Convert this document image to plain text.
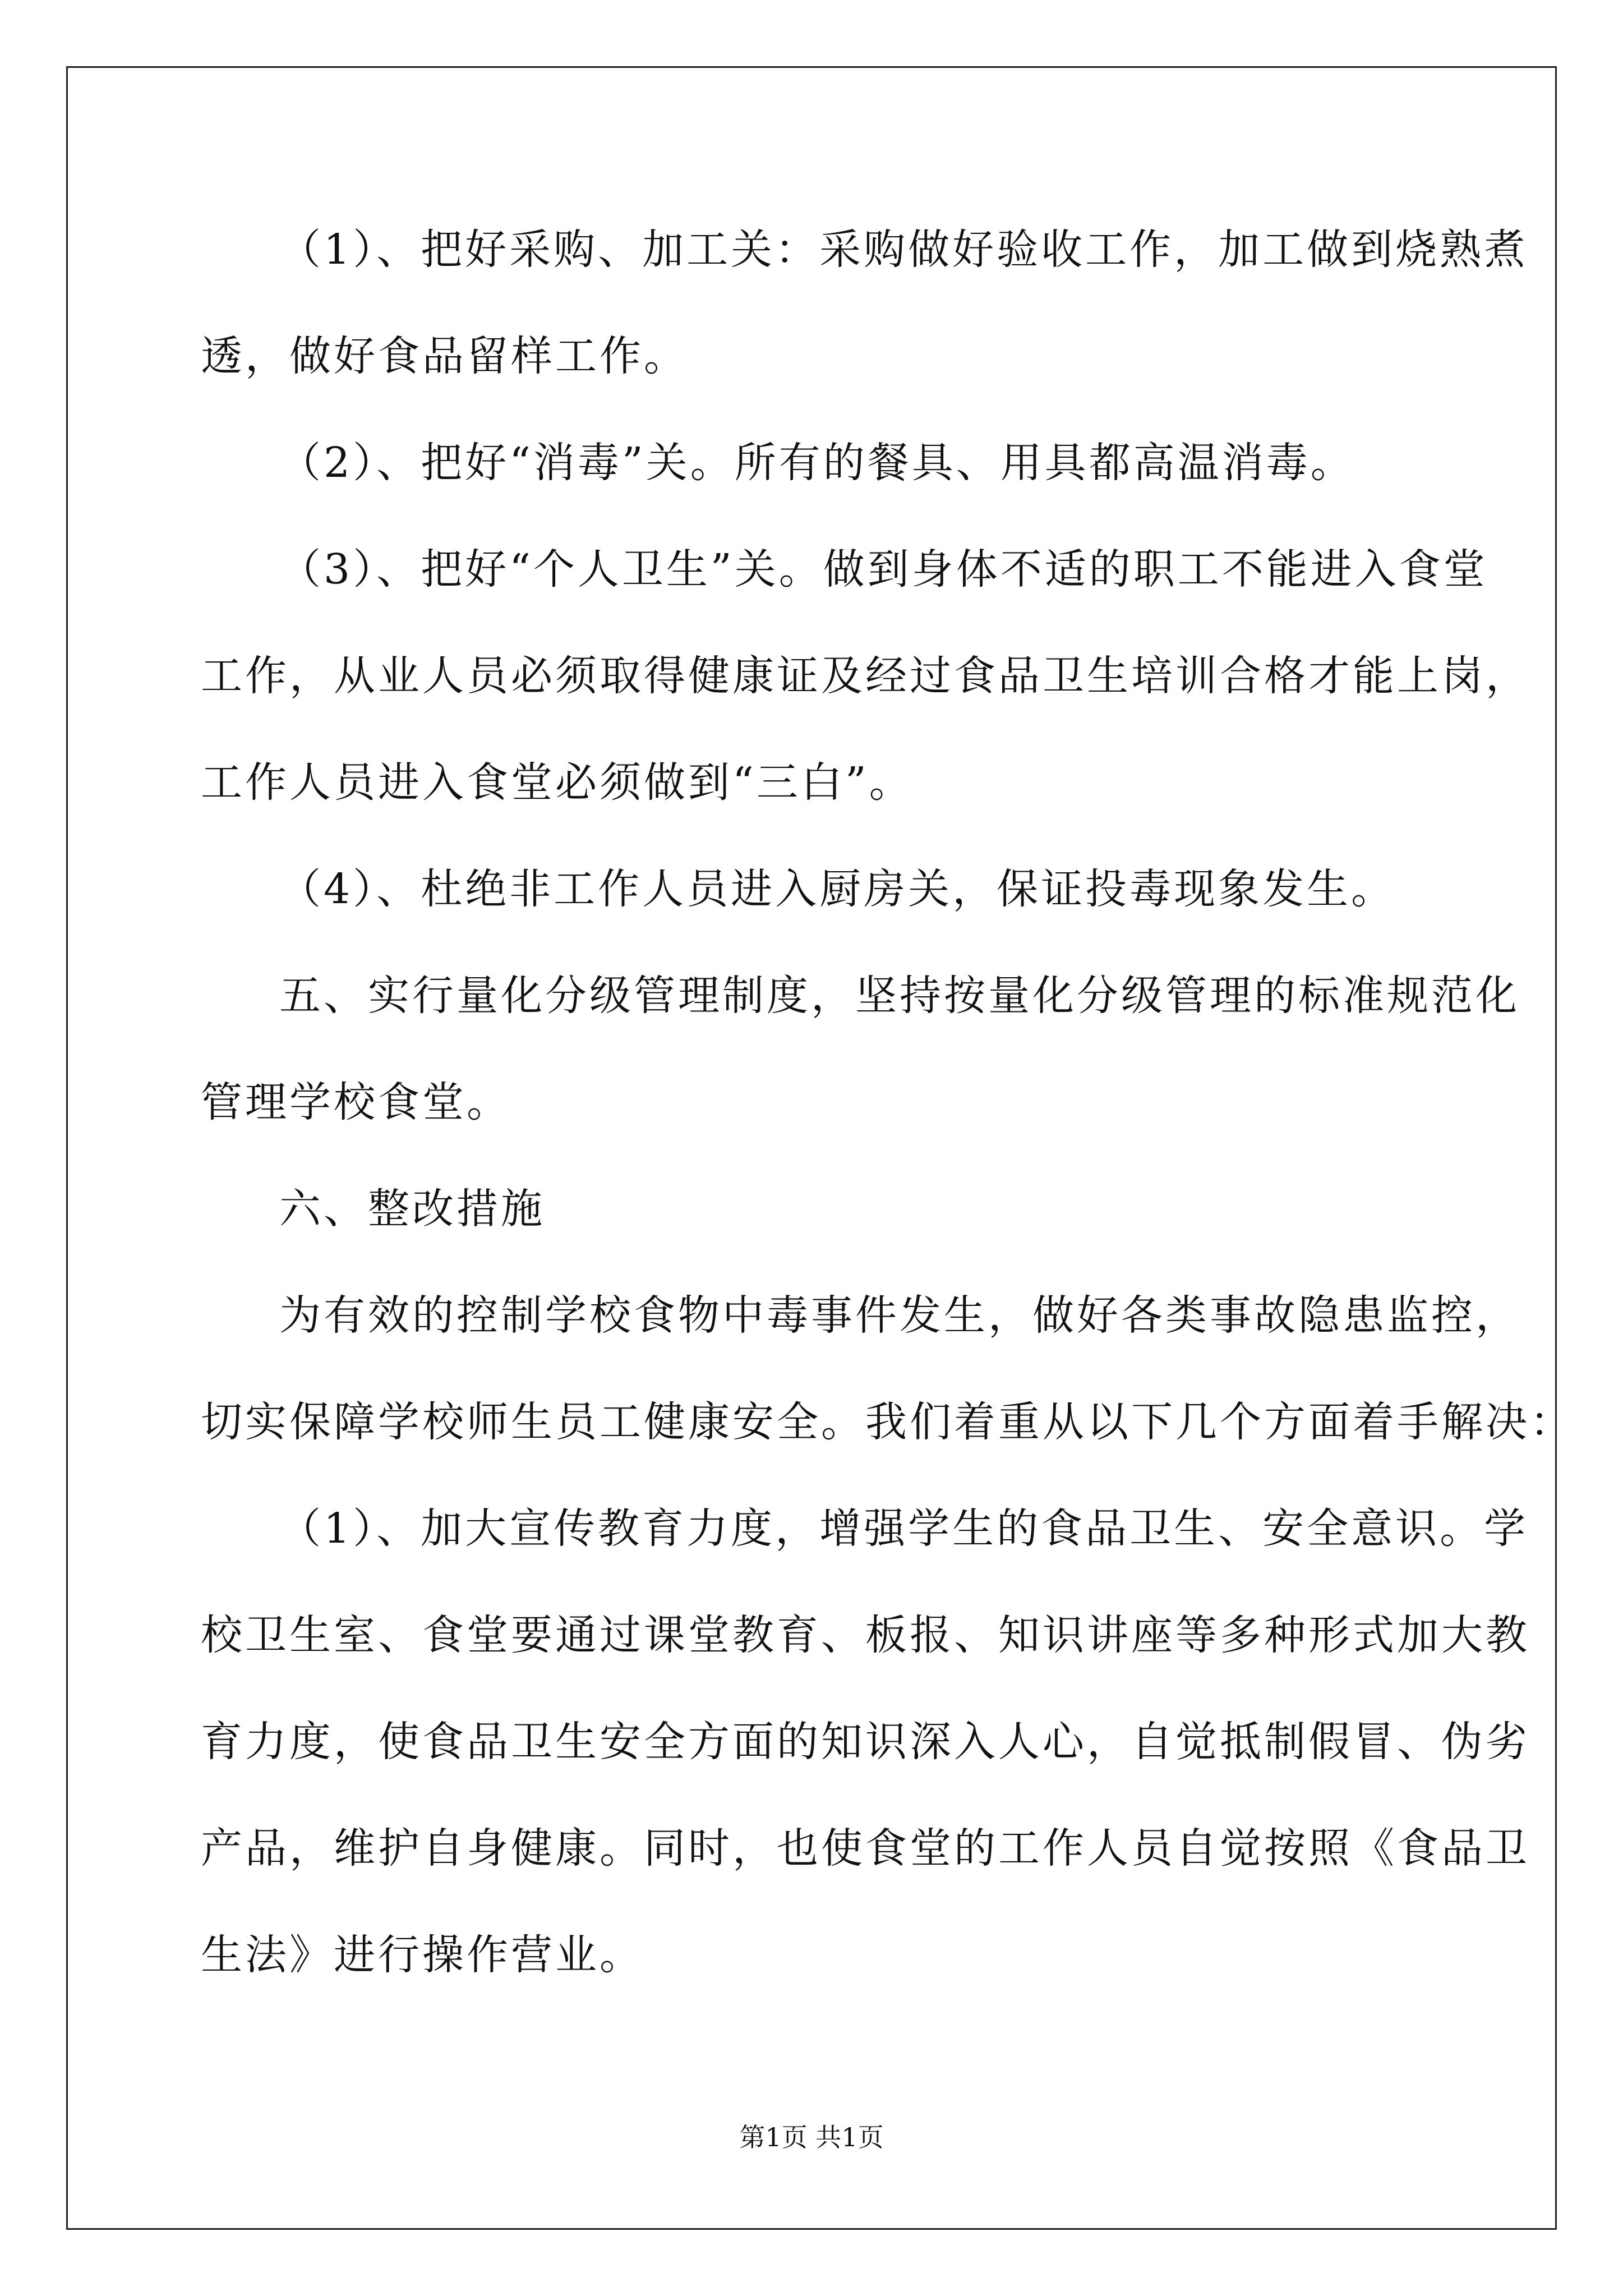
（1）、把好采购、加工关：采购做好验收工作，加工做到烧熟煮
透，做好食品留样工作。
（2）、把好“消毒”关。所有的餐具、用具都高温消毒。
（3）、把好“个人卫生”关。做到身体不适的职工不能进入食堂
工作，从业人员必须取得健康证及经过食品卫生培训合格才能上岗，
工作人员进入食堂必须做到“三白”。
（4）、杜绝非工作人员进入厨房关，保证投毒现象发生。
五、实行量化分级管理制度，坚持按量化分级管理的标准规范化
管理学校食堂。
六、整改措施
为有效的控制学校食物中毒事件发生，做好各类事故隐患监控，
切实保障学校师生员工健康安全。我们着重从以下几个方面着手解决：
（1）、加大宣传教育力度，增强学生的食品卫生、安全意识。学
校卫生室、食堂要通过课堂教育、板报、知识讲座等多种形式加大教
育力度，使食品卫生安全方面的知识深入人心，自觉抵制假冒、伪劣
产品，维护自身健康。同时，也使食堂的工作人员自觉按照《食品卫
生法》进行操作营业。
第1页 共1页
